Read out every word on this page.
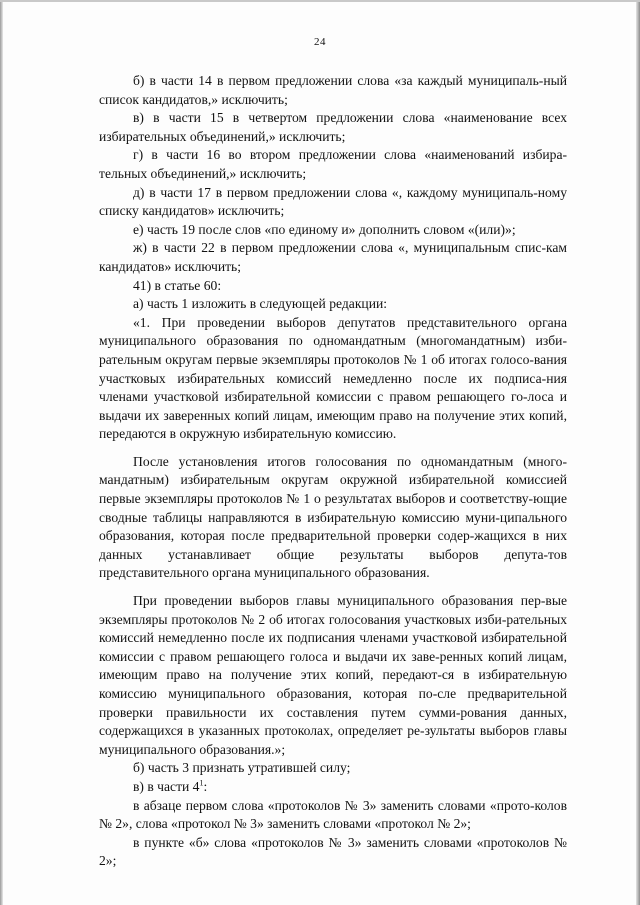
24

б) в части 14 в первом предложении слова «за каждый муниципаль-ный список кандидатов,» исключить;

в) в части 15 в четвертом предложении слова «наименование всех избирательных объединений,» исключить;

г) в части 16 во втором предложении слова «наименований избира-тельных объединений,» исключить;

д) в части 17 в первом предложении слова «, каждому муниципаль-ному списку кандидатов» исключить;

е) часть 19 после слов «по единому и» дополнить словом «(или)»;

ж) в части 22 в первом предложении слова «, муниципальным спис-кам кандидатов» исключить;

41) в статье 60:

а) часть 1 изложить в следующей редакции:

«1. При проведении выборов депутатов представительного органа муниципального образования по одномандатным (многомандатным) изби-рательным округам первые экземпляры протоколов № 1 об итогах голосо-вания участковых избирательных комиссий немедленно после их подписа-ния членами участковой избирательной комиссии с правом решающего го-лоса и выдачи их заверенных копий лицам, имеющим право на получение этих копий, передаются в окружную избирательную комиссию.

После установления итогов голосования по одномандатным (много-мандатным) избирательным округам окружной избирательной комиссией первые экземпляры протоколов № 1 о результатах выборов и соответству-ющие сводные таблицы направляются в избирательную комиссию муни-ципального образования, которая после предварительной проверки содер-жащихся в них данных устанавливает общие результаты выборов депута-тов представительного органа муниципального образования.

При проведении выборов главы муниципального образования пер-вые экземпляры протоколов № 2 об итогах голосования участковых изби-рательных комиссий немедленно после их подписания членами участковой избирательной комиссии с правом решающего голоса и выдачи их заве-ренных копий лицам, имеющим право на получение этих копий, передают-ся в избирательную комиссию муниципального образования, которая по-сле предварительной проверки правильности их составления путем сумми-рования данных, содержащихся в указанных протоколах, определяет ре-зультаты выборов главы муниципального образования.»;

б) часть 3 признать утратившей силу;

в) в части $4^1$:

в абзаце первом слова «протоколов № 3» заменить словами «прото-колов № 2», слова «протокол № 3» заменить словами «протокол № 2»;

в пункте «б» слова «протоколов № 3» заменить словами «протоколов № 2»;
